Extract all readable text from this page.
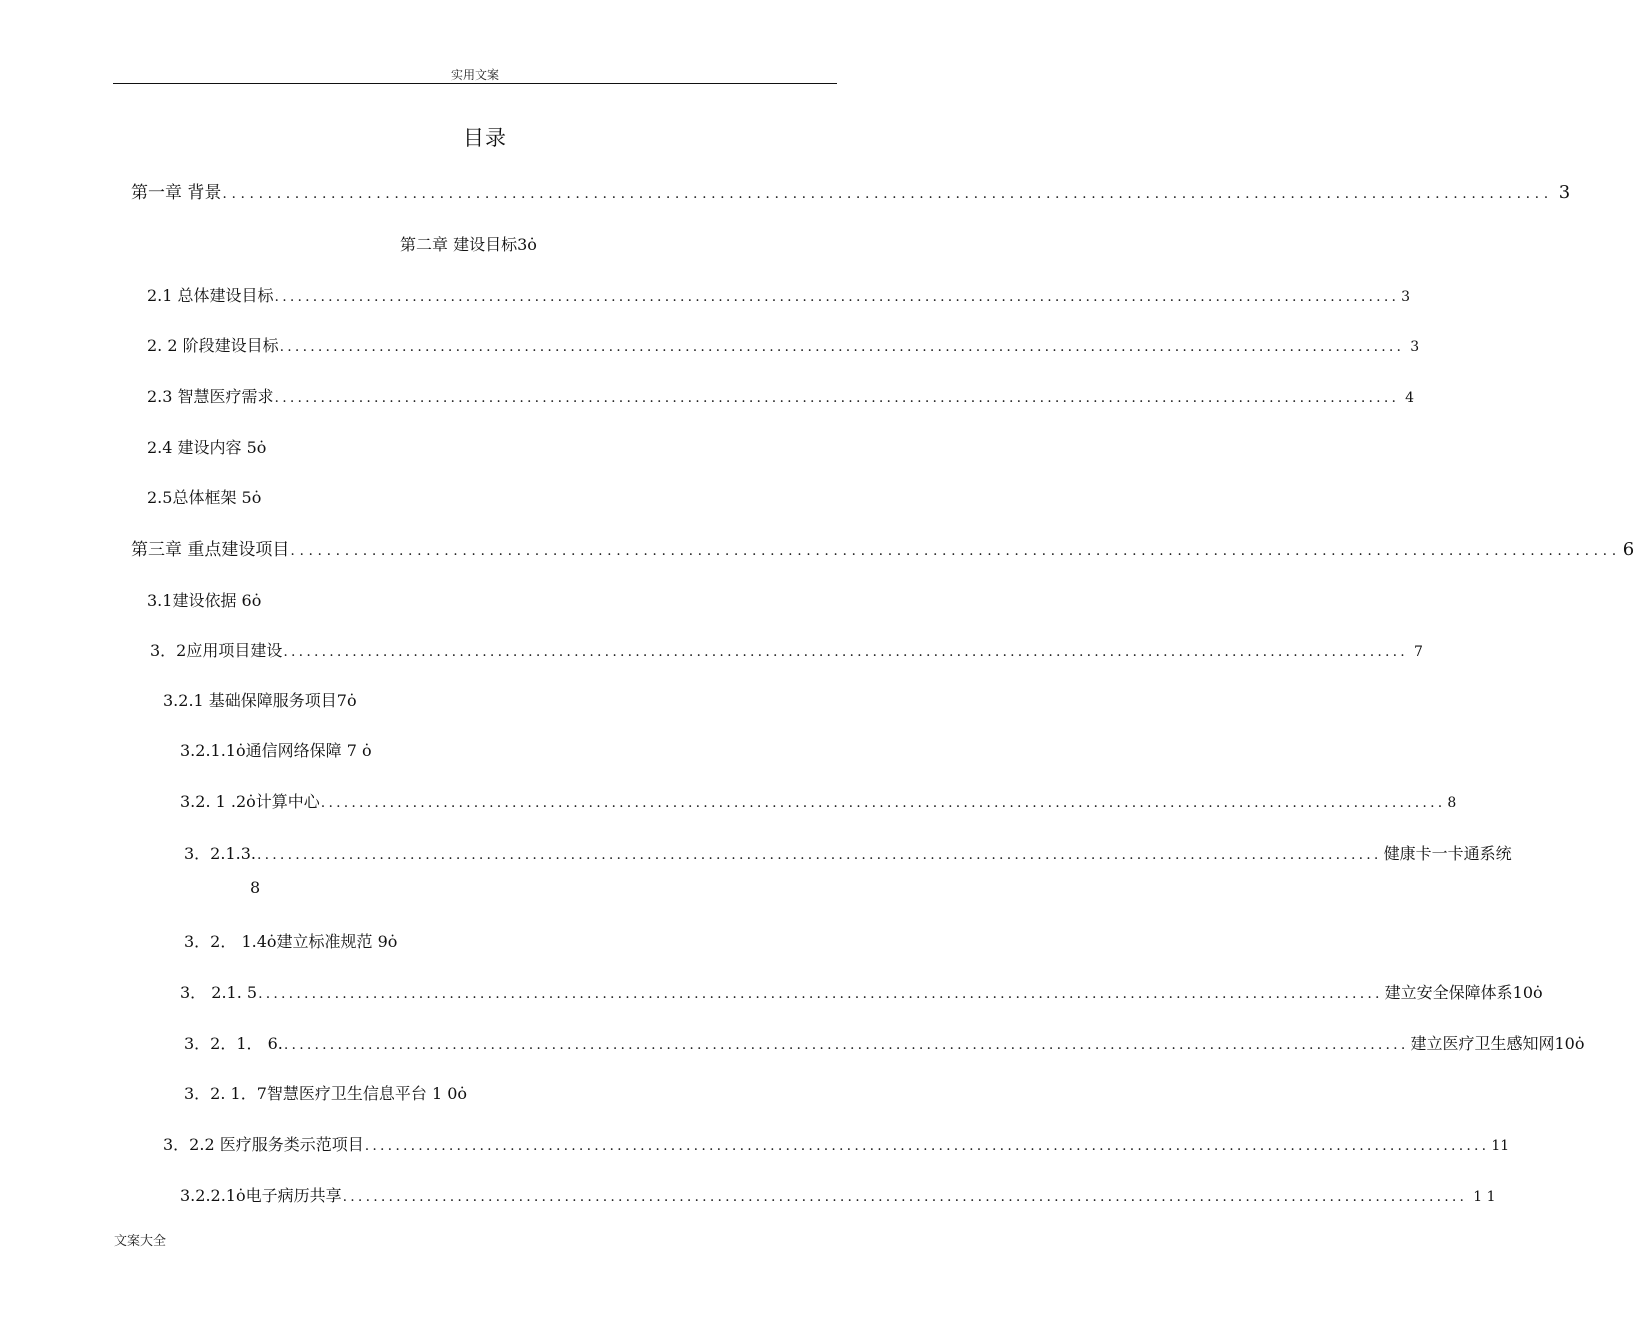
实用文案
目录
第一章 背景 ................................................................................................................................................... 3
第二章 建设目标3ȯ
2.1 总体建设目标 ................................................................................................................................................... 3
2. 2 阶段建设目标 ................................................................................................................................................... 3
2.3 智慧医疗需求 ................................................................................................................................................... 4
2.4 建设内容 5ȯ
2.5总体框架 5ȯ
第三章 重点建设项目 ................................................................................................................................................... 6
3.1建设依据 6ȯ
3．2应用项目建设 ................................................................................................................................................... 7
3.2.1 基础保障服务项目7ȯ
3.2.1.1ȯ通信网络保障 7 ȯ
3.2. 1 .2ȯ计算中心 ................................................................................................................................................... 8
3．2.1.3. ................................................................................................................................................... 健康卡一卡通系统
8
3．2． 1.4ȯ建立标准规范 9ȯ
3． 2.1. 5 ................................................................................................................................................... 建立安全保障体系10ȯ
3．2．1． 6. ................................................................................................................................................... 建立医疗卫生感知网10ȯ
3．2. 1．7智慧医疗卫生信息平台 1 0ȯ
3．2.2 医疗服务类示范项目 ................................................................................................................................................... 11
3.2.2.1ȯ电子病历共享 ................................................................................................................................................... 1 1
文案大全
